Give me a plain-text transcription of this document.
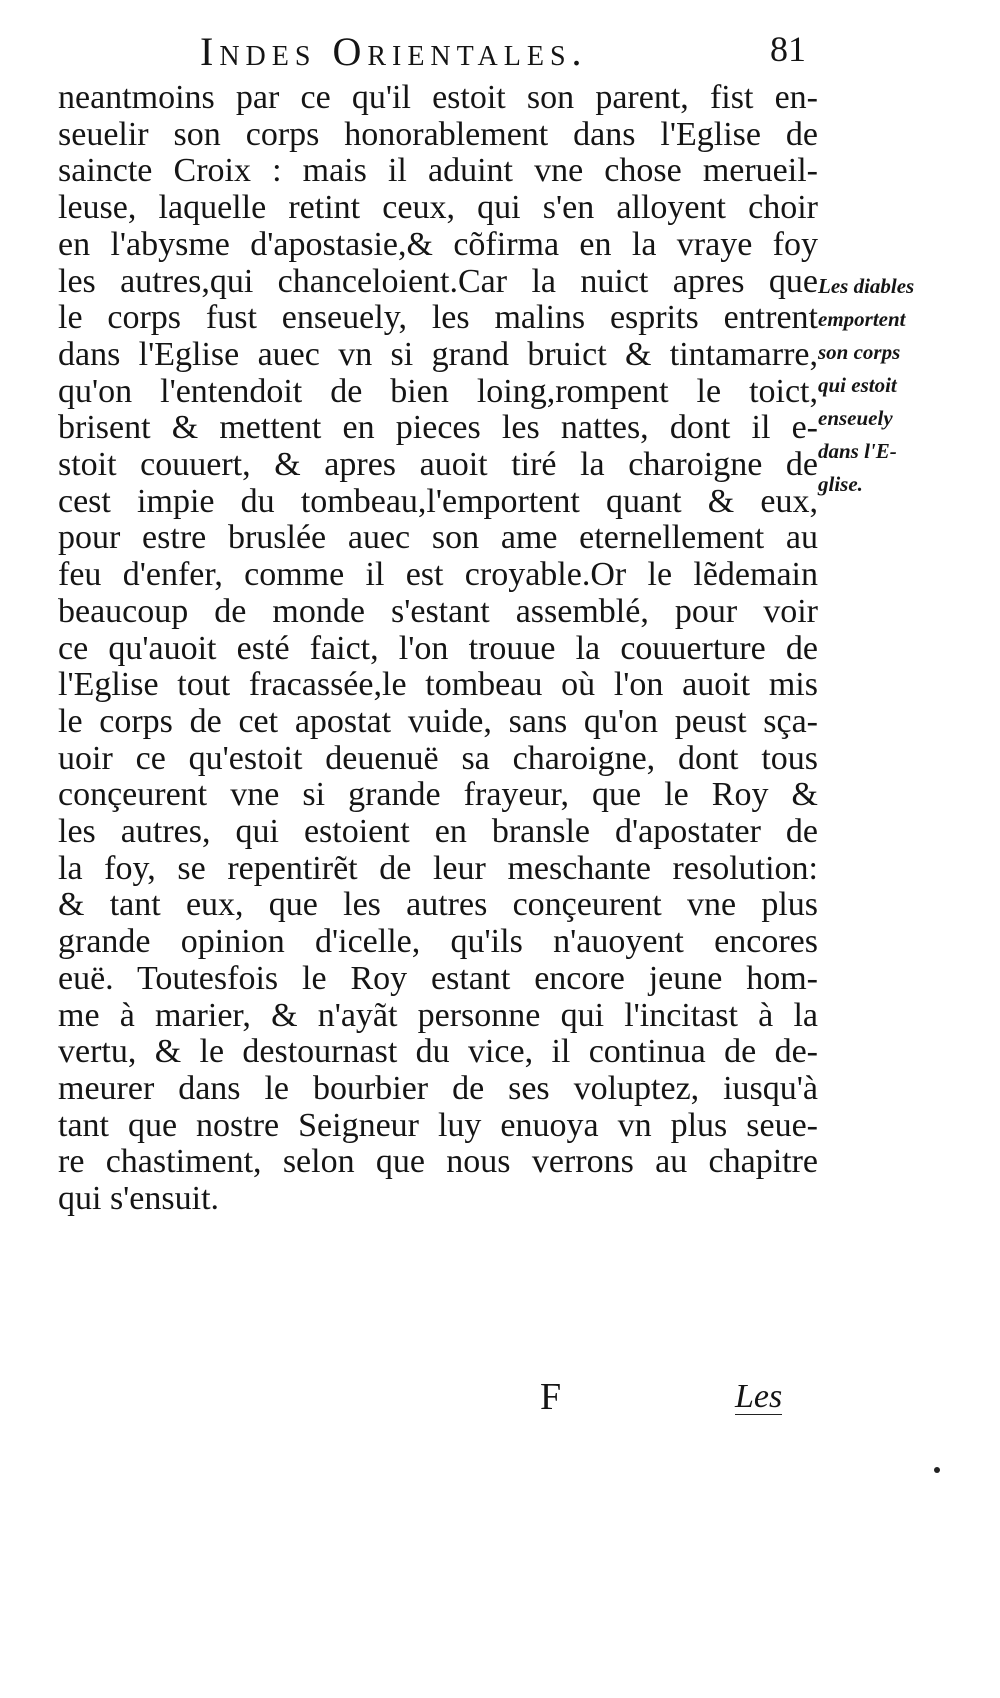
Indes Orientales.	81
neantmoins par ce qu'il estoit son parent, fist en-
seuelir son corps honorablement dans l'Eglise de
saincte Croix : mais il aduint vne chose merueil-
leuse, laquelle retint ceux, qui s'en alloyent choir
en l'abysme d'apostasie,& cõfirma en la vraye foy
les autres,qui chanceloient.Car la nuict apres que
le corps fust enseuely, les malins esprits entrent
dans l'Eglise auec vn si grand bruict & tintamarre,
qu'on l'entendoit de bien loing,rompent le toict,
brisent & mettent en pieces les nattes, dont il e-
stoit couuert, & apres auoit tiré la charoigne de
cest impie du tombeau,l'emportent quant & eux,
pour estre bruslée auec son ame eternellement au
feu d'enfer, comme il est croyable.Or le lẽdemain
beaucoup de monde s'estant assemblé, pour voir
ce qu'auoit esté faict, l'on trouue la couuerture de
l'Eglise tout fracassée,le tombeau où l'on auoit mis
le corps de cet apostat vuide, sans qu'on peust sça-
uoir ce qu'estoit deuenuë sa charoigne, dont tous
conçeurent vne si grande frayeur, que le Roy &
les autres, qui estoient en bransle d'apostater de
la foy, se repentirẽt de leur meschante resolution:
& tant eux, que les autres conçeurent vne plus
grande opinion d'icelle, qu'ils n'auoyent encores
euë. Toutesfois le Roy estant encore jeune hom-
me à marier, & n'ayãt personne qui l'incitast à la
vertu, & le destournast du vice, il continua de de-
meurer dans le bourbier de ses voluptez, iusqu'à
tant que nostre Seigneur luy enuoya vn plus seue-
re chastiment, selon que nous verrons au chapitre
qui s'ensuit.
Les diables
emportent
son corps
qui estoit
enseuely
dans l'E-
glise.
F	Les
